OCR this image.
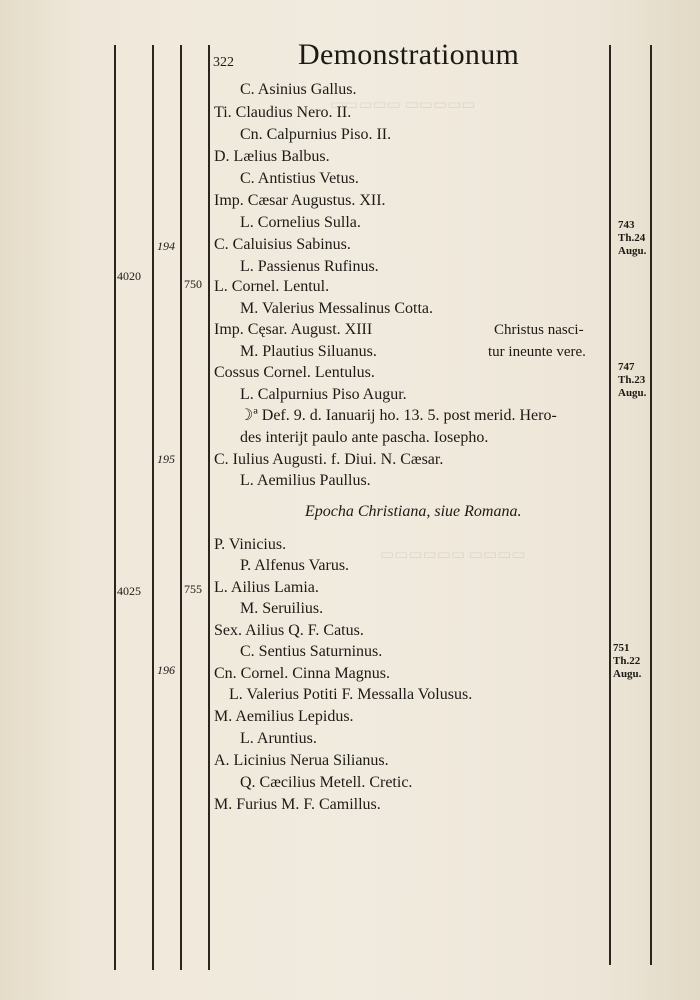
▭▭▭▭▭ ▭▭▭▭▭
▭▭▭▭▭▭ ▭▭▭▭
322 Demonstrationum
C. Asinius Gallus.
Ti. Claudius Nero. II.
Cn. Calpurnius Piso. II.
D. Lælius Balbus.
C. Antistius Vetus.
Imp. Cæsar Augustus. XII.
L. Cornelius Sulla.
C. Caluisius Sabinus.
L. Passienus Rufinus.
L. Cornel. Lentul.
M. Valerius Messalinus Cotta.
Imp. Cęsar. August. XIII
M. Plautius Siluanus.
Cossus Cornel. Lentulus.
L. Calpurnius Piso Augur.
☽ª Def. 9. d. Ianuarij ho. 13. 5. post merid. Hero-
des interijt paulo ante pascha. Iosepho.
C. Iulius Augusti. f. Diui. N. Cæsar.
L. Aemilius Paullus.
Epocha Christiana, siue Romana.
P. Vinicius.
P. Alfenus Varus.
L. Ailius Lamia.
M. Seruilius.
Sex. Ailius Q. F. Catus.
C. Sentius Saturninus.
Cn. Cornel. Cinna Magnus.
L. Valerius Potiti F. Messalla Volusus.
M. Aemilius Lepidus.
L. Aruntius.
A. Licinius Nerua Silianus.
Q. Cæcilius Metell. Cretic.
M. Furius M. F. Camillus.
Christus nasci-
tur ineunte vere.
194
4020
750
195
4025	755
196
743
Th.24
Augu.
747
Th.23
Augu.
751
Th.22
Augu.
